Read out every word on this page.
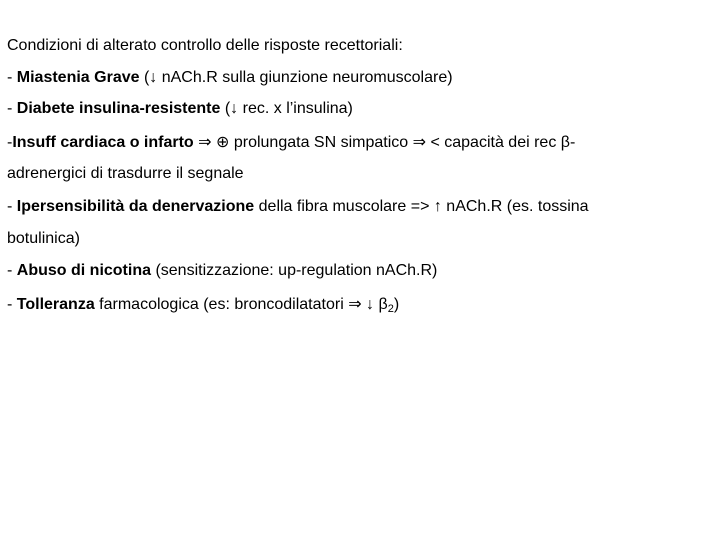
Condizioni di alterato controllo delle risposte recettoriali:
- Miastenia Grave (↓ nACh.R sulla giunzione neuromuscolare)
- Diabete insulina-resistente (↓ rec. x l’insulina)
-Insuff cardiaca o infarto ⇒ ⊕ prolungata SN simpatico ⇒ < capacità dei rec β-
adrenergici di trasdurre il segnale
- Ipersensibilità da denervazione della fibra muscolare => ↑ nACh.R (es. tossina
botulinica)
- Abuso di nicotina (sensitizzazione: up-regulation nACh.R)
- Tolleranza farmacologica (es: broncodilatatori ⇒ ↓ $\beta_2$)
